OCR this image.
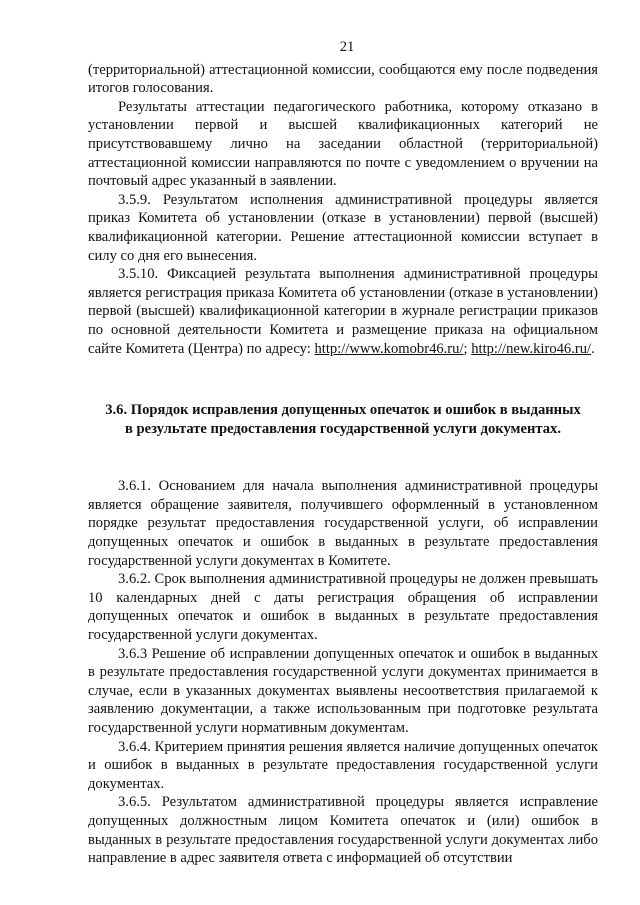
21

(территориальной) аттестационной комиссии, сообщаются ему после подведения итогов голосования.

Результаты аттестации педагогического работника, которому отказано в установлении первой и высшей квалификационных категорий не присутствовавшему лично на заседании областной (территориальной) аттестационной комиссии направляются по почте с уведомлением о вручении на почтовый адрес указанный в заявлении.

3.5.9. Результатом исполнения административной процедуры является приказ Комитета об установлении (отказе в установлении) первой (высшей) квалификационной категории. Решение аттестационной комиссии вступает в силу со дня его вынесения.

3.5.10. Фиксацией результата выполнения административной процедуры является регистрация приказа Комитета об установлении (отказе в установлении) первой (высшей) квалификационной категории в журнале регистрации приказов по основной деятельности Комитета и размещение приказа на официальном сайте Комитета (Центра) по адресу: http://www.komobr46.ru/; http://new.kiro46.ru/.

3.6. Порядок исправления допущенных опечаток и ошибок в выданных в результате предоставления государственной услуги документах.

3.6.1. Основанием для начала выполнения административной процедуры является обращение заявителя, получившего оформленный в установленном порядке результат предоставления государственной услуги, об исправлении допущенных опечаток и ошибок в выданных в результате предоставления государственной услуги документах в Комитете.

3.6.2. Срок выполнения административной процедуры не должен превышать 10 календарных дней с даты регистрация обращения об исправлении допущенных опечаток и ошибок в выданных в результате предоставления государственной услуги документах.

3.6.3 Решение об исправлении допущенных опечаток и ошибок в выданных в результате предоставления государственной услуги документах принимается в случае, если в указанных документах выявлены несоответствия прилагаемой к заявлению документации, а также использованным при подготовке результата государственной услуги нормативным документам.

3.6.4. Критерием принятия решения является наличие допущенных опечаток и ошибок в выданных в результате предоставления государственной услуги документах.

3.6.5. Результатом административной процедуры является исправление допущенных должностным лицом Комитета опечаток и (или) ошибок в выданных в результате предоставления государственной услуги документах либо направление в адрес заявителя ответа с информацией об отсутствии
